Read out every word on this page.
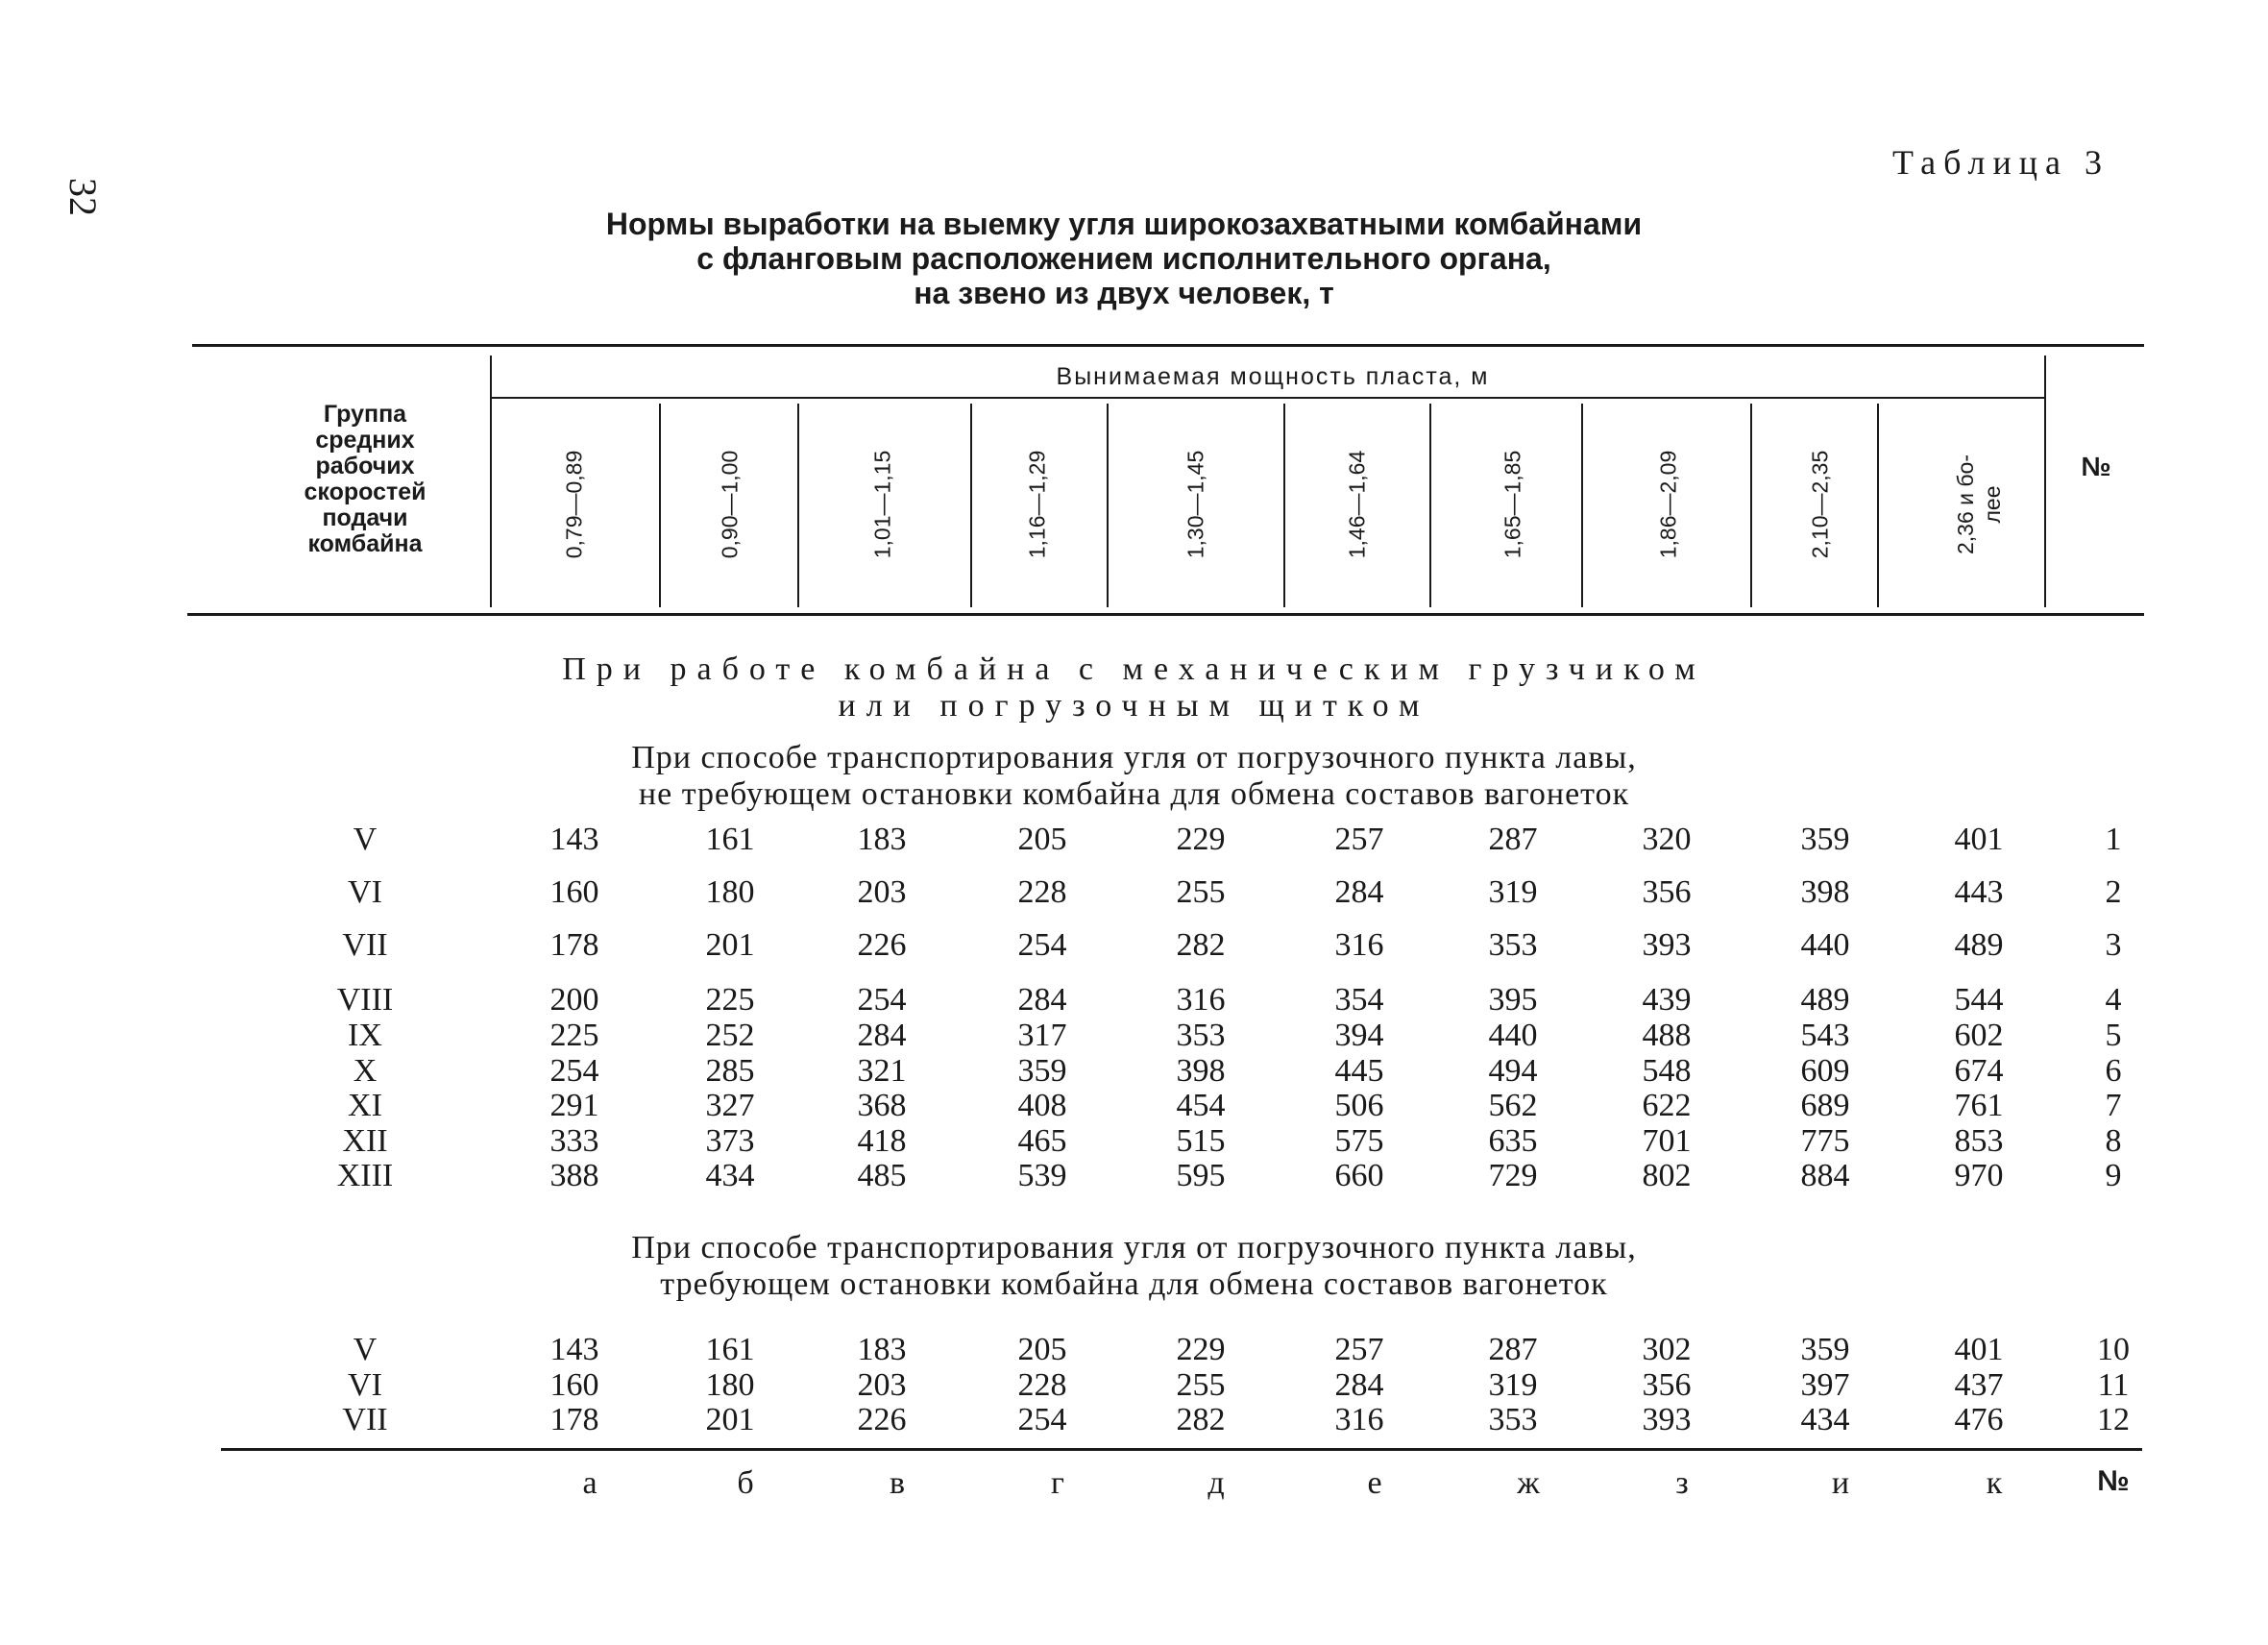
32
Таблица 3
Нормы выработки на выемку угля широкозахватными комбайнами
с фланговым расположением исполнительного органа,
на звено из двух человек, т
Группа
средних
рабочих
скоростей
подачи
комбайна
Вынимаемая мощность пласта, м
0,79—0,89	0,90—1,00	1,01—1,15	1,16—1,29	1,30—1,45	1,46—1,64	1,65—1,85	1,86—2,09	2,10—2,35	2,36 и бо-
лее
№
При работе комбайна с механическим грузчиком
или погрузочным щитком
При способе транспортирования угля от погрузочного пункта лавы,
не требующем остановки комбайна для обмена составов вагонеток
V	143	161	183	205	229	257	287	320	359	401	1
VI	160	180	203	228	255	284	319	356	398	443	2
VII	178	201	226	254	282	316	353	393	440	489	3
VIII	200	225	254	284	316	354	395	439	489	544	4
IX	225	252	284	317	353	394	440	488	543	602	5
X	254	285	321	359	398	445	494	548	609	674	6
XI	291	327	368	408	454	506	562	622	689	761	7
XII	333	373	418	465	515	575	635	701	775	853	8
XIII	388	434	485	539	595	660	729	802	884	970	9
При способе транспортирования угля от погрузочного пункта лавы,
требующем остановки комбайна для обмена составов вагонеток
V	143	161	183	205	229	257	287	302	359	401	10
VI	160	180	203	228	255	284	319	356	397	437	11
VII	178	201	226	254	282	316	353	393	434	476	12
а	б	в	г	д	е	ж	з	и	к	№
